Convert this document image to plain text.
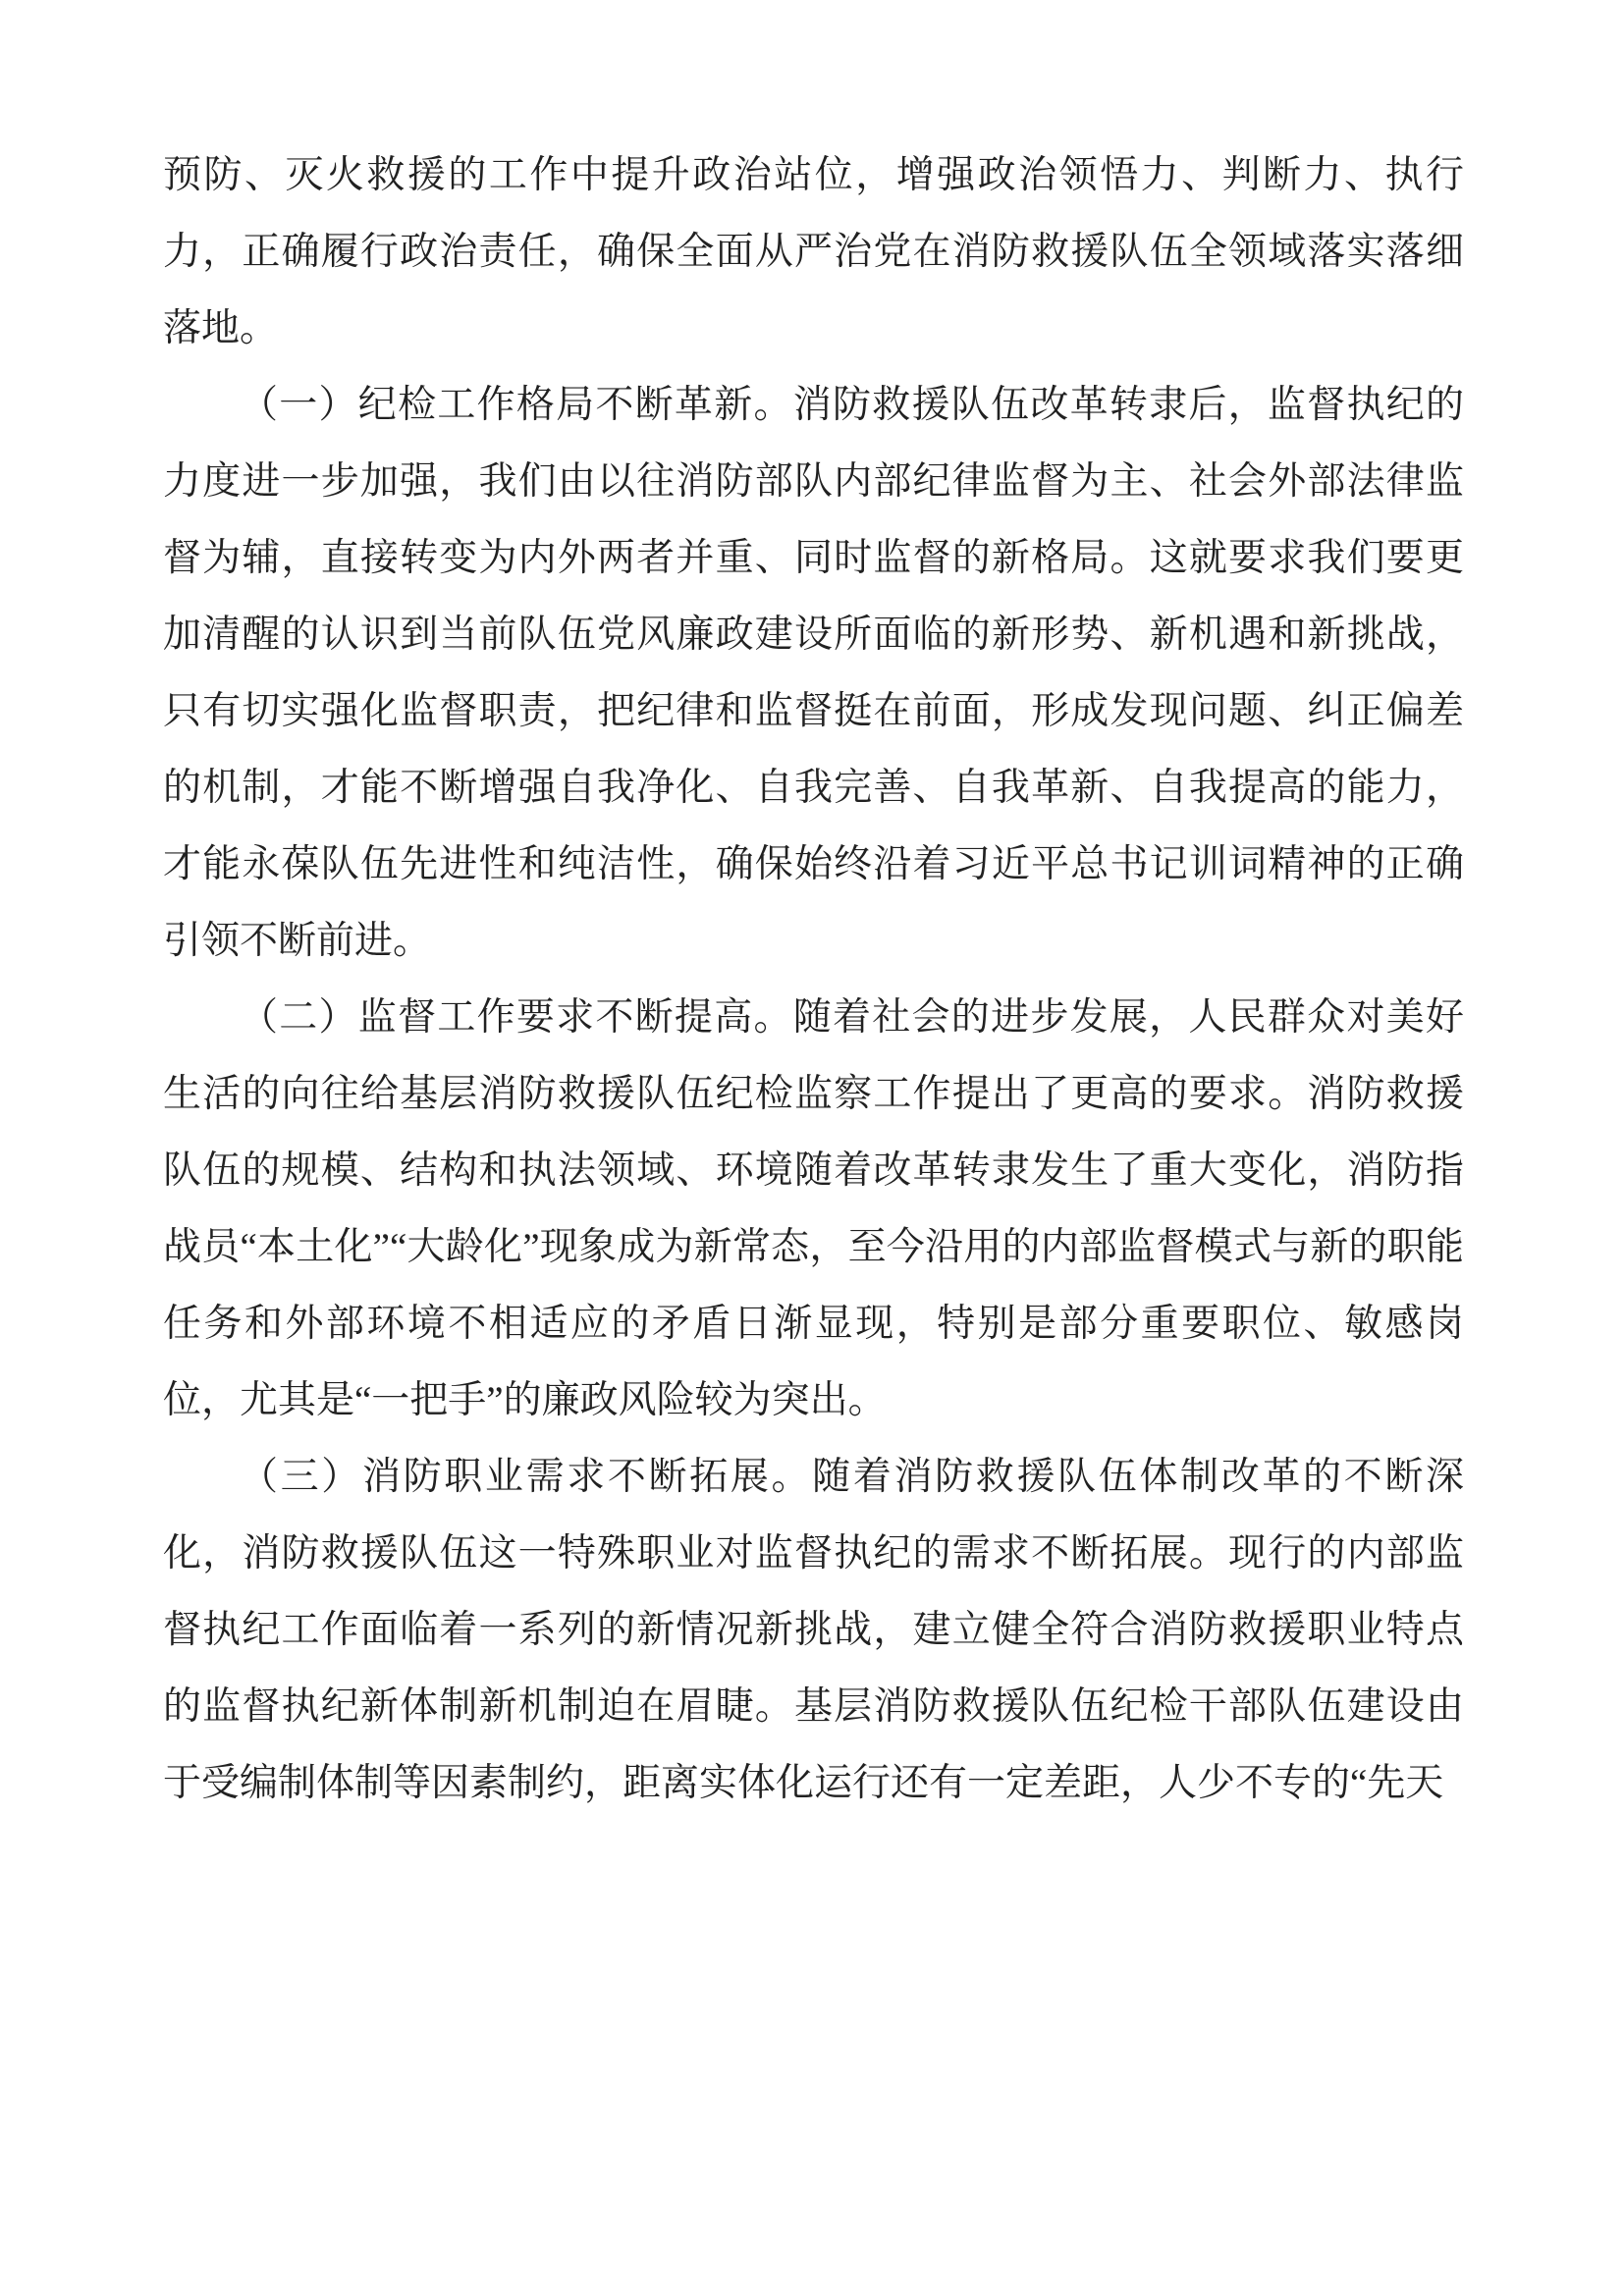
预防、灭火救援的工作中提升政治站位，增强政治领悟力、判断力、执行力，正确履行政治责任，确保全面从严治党在消防救援队伍全领域落实落细落地。

（一）纪检工作格局不断革新。消防救援队伍改革转隶后，监督执纪的力度进一步加强，我们由以往消防部队内部纪律监督为主、社会外部法律监督为辅，直接转变为内外两者并重、同时监督的新格局。这就要求我们要更加清醒的认识到当前队伍党风廉政建设所面临的新形势、新机遇和新挑战，只有切实强化监督职责，把纪律和监督挺在前面，形成发现问题、纠正偏差的机制，才能不断增强自我净化、自我完善、自我革新、自我提高的能力，才能永葆队伍先进性和纯洁性，确保始终沿着习近平总书记训词精神的正确引领不断前进。

（二）监督工作要求不断提高。随着社会的进步发展，人民群众对美好生活的向往给基层消防救援队伍纪检监察工作提出了更高的要求。消防救援队伍的规模、结构和执法领域、环境随着改革转隶发生了重大变化，消防指战员“本土化”“大龄化”现象成为新常态，至今沿用的内部监督模式与新的职能任务和外部环境不相适应的矛盾日渐显现，特别是部分重要职位、敏感岗位，尤其是“一把手”的廉政风险较为突出。

（三）消防职业需求不断拓展。随着消防救援队伍体制改革的不断深化，消防救援队伍这一特殊职业对监督执纪的需求不断拓展。现行的内部监督执纪工作面临着一系列的新情况新挑战，建立健全符合消防救援职业特点的监督执纪新体制新机制迫在眉睫。基层消防救援队伍纪检干部队伍建设由于受编制体制等因素制约，距离实体化运行还有一定差距，人少不专的“先天
